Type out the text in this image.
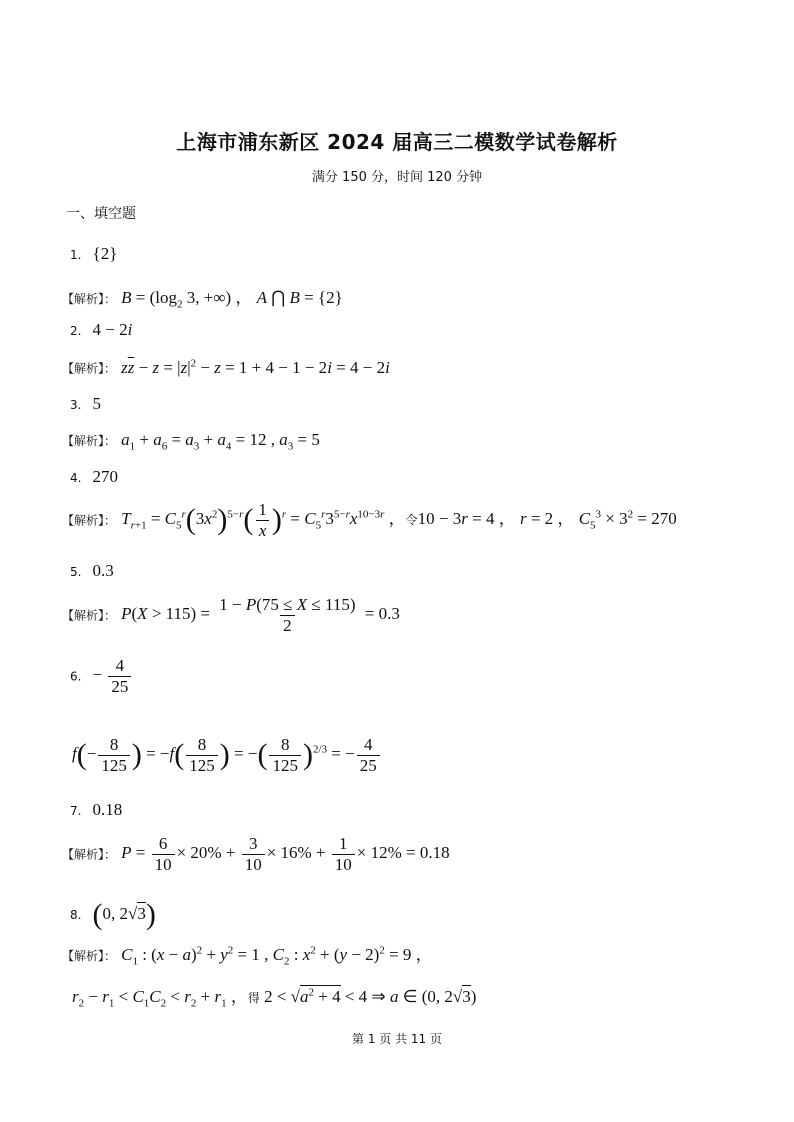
上海市浦东新区 2024 届高三二模数学试卷解析
满分 150 分，时间 120 分钟
一、填空题
1. {2}
【解析】： $B = (\log_2$ 3, +∞) ， A ⋂ B = {2}
2. 4 − 2i
【解析】： $z\overline{z} - z = |z|^2 - z = 1 + 4 - 1 - 2i = 4 - 2i$
3. 5
【解析】： $a_1 + a_6 = a_3 + a_4 = 12$ , $a_3 = 5$
4. 270
【解析】： $T_{r+1} = C_5^r(3x^2)^{5-r}( \frac{1}{x} )^r = C_5^r3^{5-r}x^{10-3r}$ ，令10 − 3r = 4 ， r = 2 ， $C_5^3 \times 3^2 = 270$
5. 0.3
【解析】： $P(X > 115) = \frac{1 - P(75 \le X \le 115)}{2} = 0.3$
6. − $\frac{4}{25}$
$f(- \frac{8}{125}$ ) = $-f( \frac{8}{125}$ ) = −( $\frac{8}{125} )^{2/3}$ = − $\frac{4}{25}$
7. 0.18
【解析】： $P = \frac{6}{10} \times 20\% + \frac{3}{10} \times 16\% + \frac{1}{10} \times 12\% = 0.18$
8. (0, 2√3)
【解析】： $C_1$ : $(x - a)^2 + y^2 = 1$ , $C_2$ : $x^2 + (y - 2)^2 = 9$ ，
$r_2 - r_1 < C_1C_2 < r_2 + r_1$ ，得 $2 < √a^2 + 4 < 4$ ⇒ a ∈ (0, 2√3)
第 1 页 共 11 页
